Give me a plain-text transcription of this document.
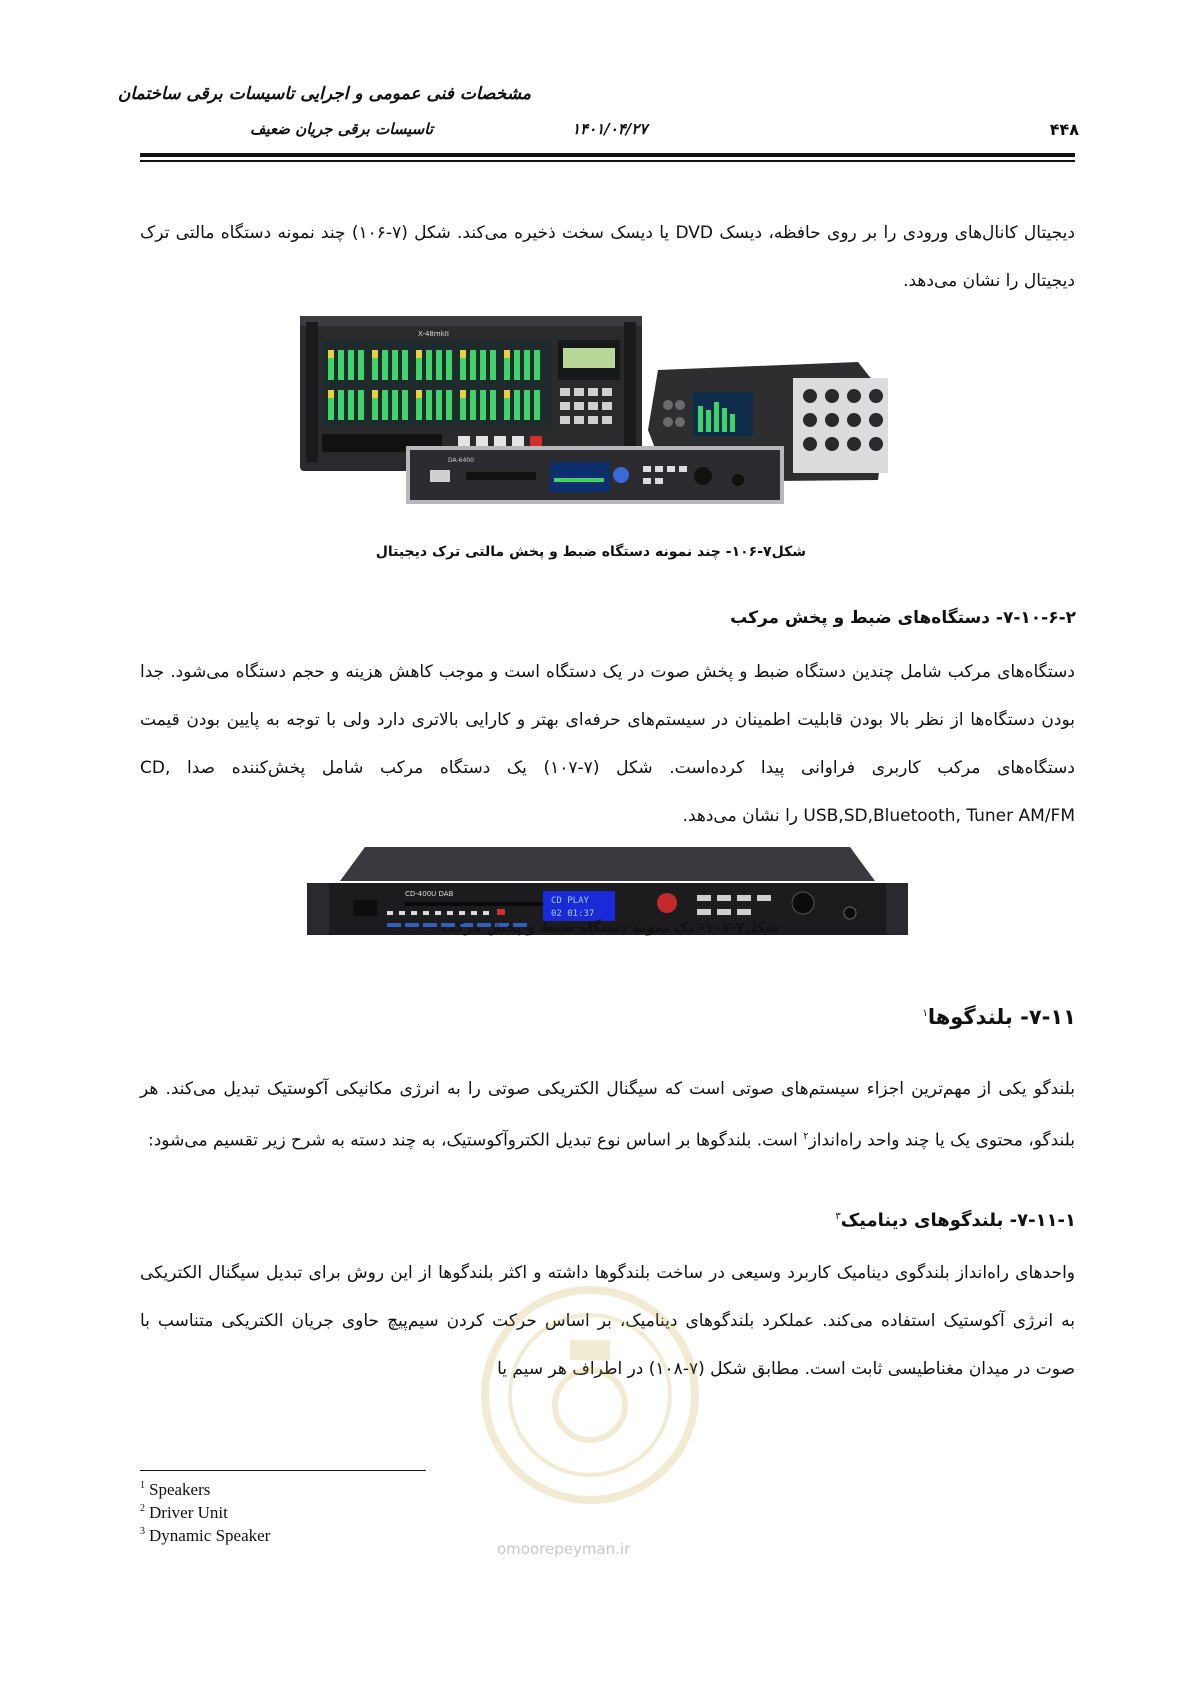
مشخصات فنی عمومی و اجرایی تاسیسات برقی ساختمان
تاسیسات برقی جریان ضعیف	۱۴۰۱/۰۴/۲۷	۴۴۸
دیجیتال کانال‌های ورودی را بر روی حافظه، دیسک DVD یا دیسک سخت ذخیره می‌کند. شکل (۷-۱۰۶) چند نمونه دستگاه مالتی ترک دیجیتال را نشان می‌دهد.
X-48mkII
DA-6400
شکل۷-۱۰۶- چند نمونه دستگاه ضبط و پخش مالتی ترک دیجیتال
۷-۱۰-۶-۲- دستگاه‌های ضبط و پخش مرکب
دستگاه‌های مرکب شامل چندین دستگاه ضبط و پخش صوت در یک دستگاه است و موجب کاهش هزینه و حجم دستگاه می‌شود. جدا بودن دستگاه‌ها از نظر بالا بودن قابلیت اطمینان در سیستم‌های حرفه‌ای بهتر و کارایی بالاتری دارد ولی با توجه به پایین بودن قیمت دستگاه‌های مرکب کاربری فراوانی پیدا کرده‌است. شکل (۷-۱۰۷) یک دستگاه مرکب شامل پخش‌کننده صدا CD, USB,SD,Bluetooth, Tuner AM/FM را نشان می‌دهد.
CD-400U DAB
CD PLAY
02 01:37
شکل۷-۱۰۷- یک نمونه دستگاه ضبط و پخش مرکب
۷-۱۱- بلندگوها$^۱$
بلندگو یکی از مهم‌ترین اجزاء سیستم‌های صوتی است که سیگنال الکتریکی صوتی را به انرژی مکانیکی آکوستیک تبدیل می‌کند. هر بلندگو، محتوی یک یا چند واحد راه‌انداز$^۲$ است. بلندگوها بر اساس نوع تبدیل الکتروآکوستیک، به چند دسته به شرح زیر تقسیم می‌شود:
۷-۱۱-۱- بلندگوهای دینامیک$^۳$
واحدهای راه‌انداز بلندگوی دینامیک کاربرد وسیعی در ساخت بلندگوها داشته و اکثر بلندگوها از این روش برای تبدیل سیگنال الکتریکی به انرژی آکوستیک استفاده می‌کند. عملکرد بلندگوهای دینامیک، بر اساس حرکت کردن سیم‌پیچ حاوی جریان الکتریکی متناسب با صوت در میدان مغناطیسی ثابت است. مطابق شکل (۷-۱۰۸) در اطراف هر سیم یا
omoorepeyman.ir
$^1$ Speakers
$^2$ Driver Unit
$^3$ Dynamic Speaker
